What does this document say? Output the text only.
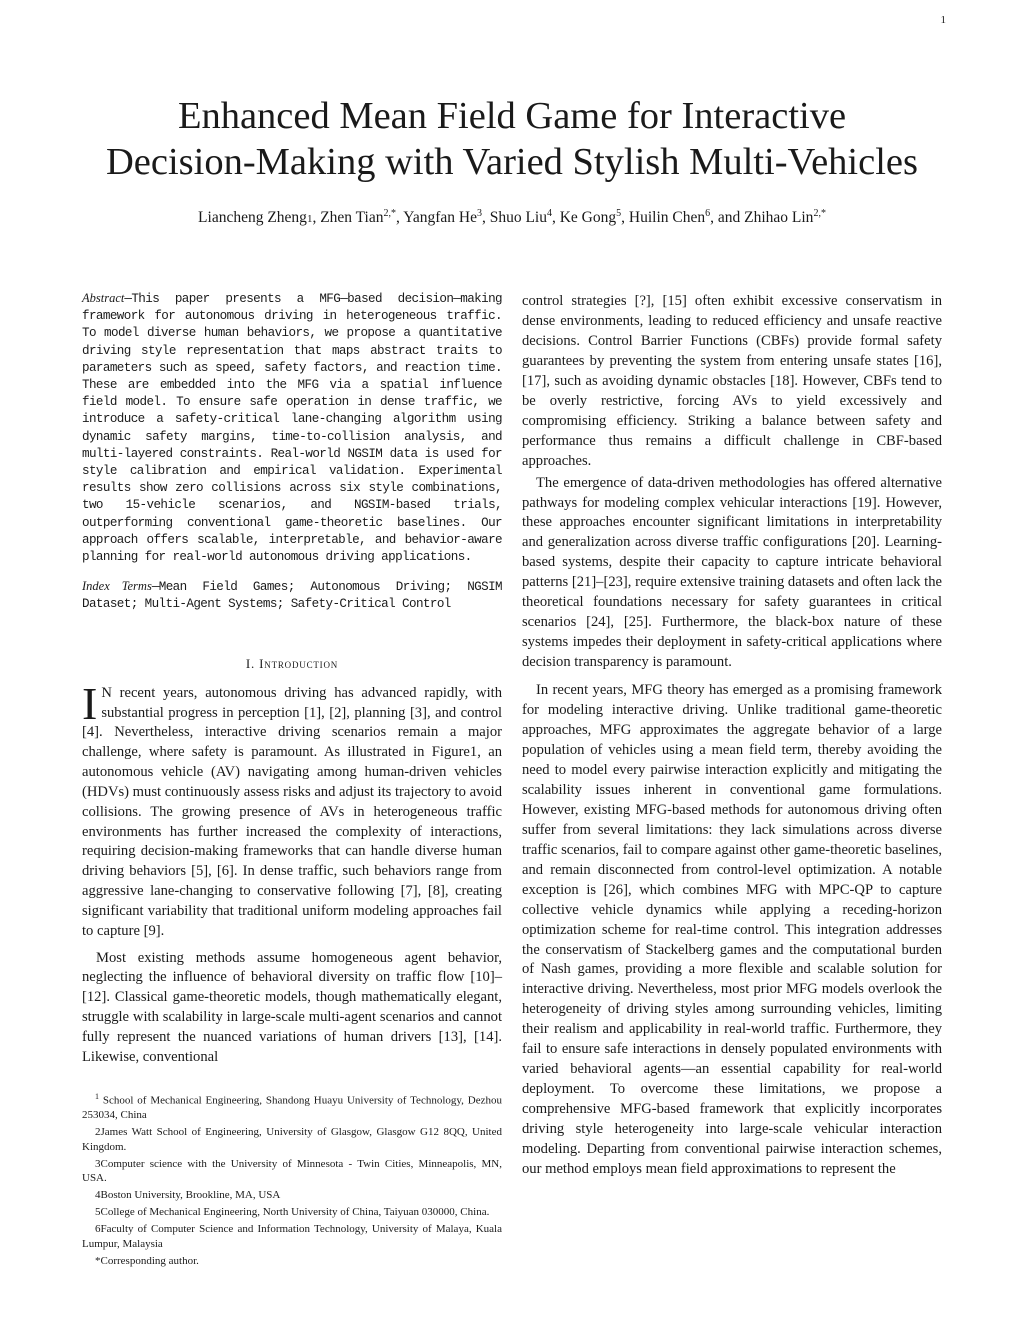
1
Enhanced Mean Field Game for Interactive
Decision-Making with Varied Stylish Multi-Vehicles
Liancheng Zheng1, Zhen Tian$^{2,*}$, Yangfan He$^3$, Shuo Liu$^4$, Ke Gong$^5$, Huilin Chen$^6$, and Zhihao Lin$^{2,*}$

Abstract—This paper presents a MFG—based decision—making framework for autonomous driving in heterogeneous traffic. To model diverse human behaviors, we propose a quantitative driving style representation that maps abstract traits to parameters such as speed, safety factors, and reaction time. These are embedded into the MFG via a spatial influence field model. To ensure safe operation in dense traffic, we introduce a safety-critical lane-changing algorithm using dynamic safety margins, time-to-collision analysis, and multi-layered constraints. Real-world NGSIM data is used for style calibration and empirical validation. Experimental results show zero collisions across six style combinations, two 15-vehicle scenarios, and NGSIM-based trials, outperforming conventional game-theoretic baselines. Our approach offers scalable, interpretable, and behavior-aware planning for real-world autonomous driving applications.

Index Terms—Mean Field Games; Autonomous Driving; NGSIM Dataset; Multi-Agent Systems; Safety-Critical Control

I. Introduction

I N recent years, autonomous driving has advanced rapidly, with substantial progress in perception [1], [2], planning [3], and control [4]. Nevertheless, interactive driving scenarios remain a major challenge, where safety is paramount. As illustrated in Figure1, an autonomous vehicle (AV) navigating among human-driven vehicles (HDVs) must continuously assess risks and adjust its trajectory to avoid collisions. The growing presence of AVs in heterogeneous traffic environments has further increased the complexity of interactions, requiring decision-making frameworks that can handle diverse human driving behaviors [5], [6]. In dense traffic, such behaviors range from aggressive lane-changing to conservative following [7], [8], creating significant variability that traditional uniform modeling approaches fail to capture [9].

Most existing methods assume homogeneous agent behavior, neglecting the influence of behavioral diversity on traffic flow [10]–[12]. Classical game-theoretic models, though mathematically elegant, struggle with scalability in large-scale multi-agent scenarios and cannot fully represent the nuanced variations of human drivers [13], [14]. Likewise, conventional

$^1$ School of Mechanical Engineering, Shandong Huayu University of Technology, Dezhou 253034, China

2James Watt School of Engineering, University of Glasgow, Glasgow G12 8QQ, United Kingdom.

3Computer science with the University of Minnesota - Twin Cities, Minneapolis, MN, USA.

4Boston University, Brookline, MA, USA

5College of Mechanical Engineering, North University of China, Taiyuan 030000, China.

6Faculty of Computer Science and Information Technology, University of Malaya, Kuala Lumpur, Malaysia

*Corresponding author.

control strategies [?], [15] often exhibit excessive conservatism in dense environments, leading to reduced efficiency and unsafe reactive decisions. Control Barrier Functions (CBFs) provide formal safety guarantees by preventing the system from entering unsafe states [16], [17], such as avoiding dynamic obstacles [18]. However, CBFs tend to be overly restrictive, forcing AVs to yield excessively and compromising efficiency. Striking a balance between safety and performance thus remains a difficult challenge in CBF-based approaches.

The emergence of data-driven methodologies has offered alternative pathways for modeling complex vehicular interactions [19]. However, these approaches encounter significant limitations in interpretability and generalization across diverse traffic configurations [20]. Learning-based systems, despite their capacity to capture intricate behavioral patterns [21]–[23], require extensive training datasets and often lack the theoretical foundations necessary for safety guarantees in critical scenarios [24], [25]. Furthermore, the black-box nature of these systems impedes their deployment in safety-critical applications where decision transparency is paramount.

In recent years, MFG theory has emerged as a promising framework for modeling interactive driving. Unlike traditional game-theoretic approaches, MFG approximates the aggregate behavior of a large population of vehicles using a mean field term, thereby avoiding the need to model every pairwise interaction explicitly and mitigating the scalability issues inherent in conventional game formulations. However, existing MFG-based methods for autonomous driving often suffer from several limitations: they lack simulations across diverse traffic scenarios, fail to compare against other game-theoretic baselines, and remain disconnected from control-level optimization. A notable exception is [26], which combines MFG with MPC-QP to capture collective vehicle dynamics while applying a receding-horizon optimization scheme for real-time control. This integration addresses the conservatism of Stackelberg games and the computational burden of Nash games, providing a more flexible and scalable solution for interactive driving. Nevertheless, most prior MFG models overlook the heterogeneity of driving styles among surrounding vehicles, limiting their realism and applicability in real-world traffic. Furthermore, they fail to ensure safe interactions in densely populated environments with varied behavioral agents—an essential capability for real-world deployment. To overcome these limitations, we propose a comprehensive MFG-based framework that explicitly incorporates driving style heterogeneity into large-scale vehicular interaction modeling. Departing from conventional pairwise interaction schemes, our method employs mean field approximations to represent the
